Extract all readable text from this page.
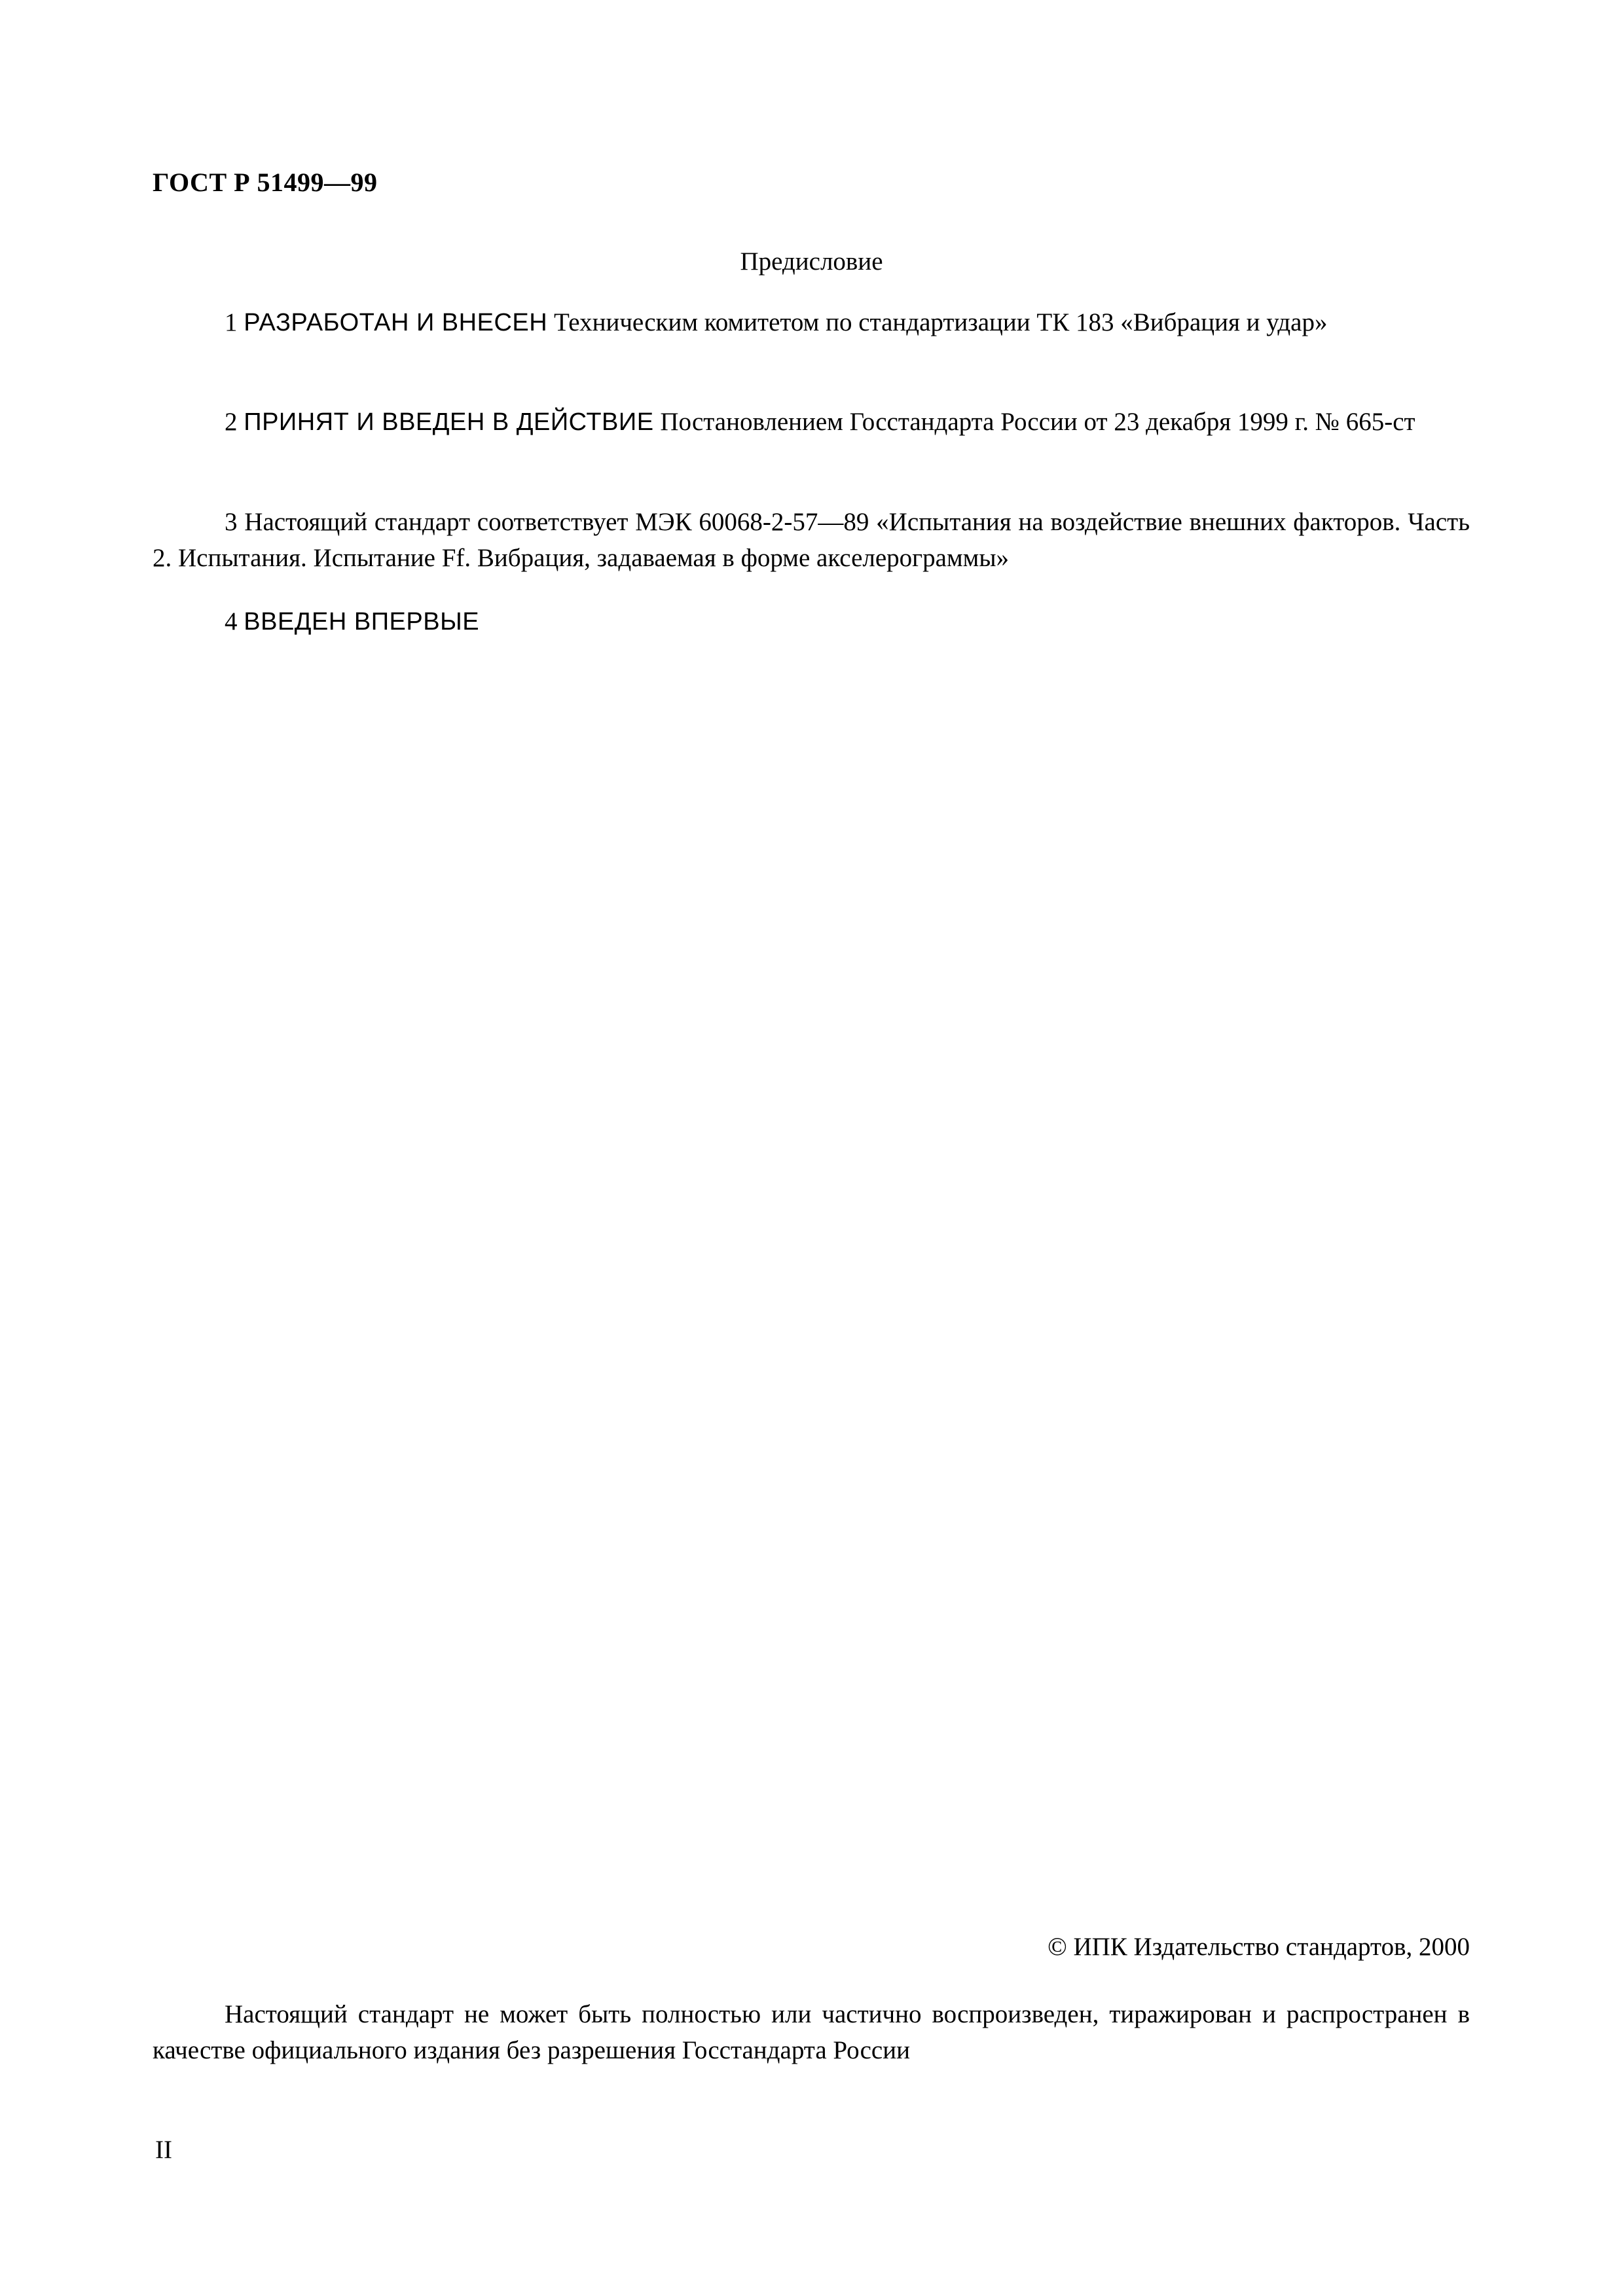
ГОСТ Р 51499—99
Предисловие

1 РАЗРАБОТАН И ВНЕСЕН Техническим комитетом по стандартизации ТК 183 «Вибрация и удар»

2 ПРИНЯТ И ВВЕДЕН В ДЕЙСТВИЕ Постановлением Госстандарта России от 23 декабря 1999 г. № 665-ст

3 Настоящий стандарт соответствует МЭК 60068-2-57—89 «Испытания на воздействие внешних факторов. Часть 2. Испытания. Испытание Ff. Вибрация, задаваемая в форме акселерограммы»

4 ВВЕДЕН ВПЕРВЫЕ

© ИПК Издательство стандартов, 2000

Настоящий стандарт не может быть полностью или частично воспроизведен, тиражирован и распространен в качестве официального издания без разрешения Госстандарта России

II
